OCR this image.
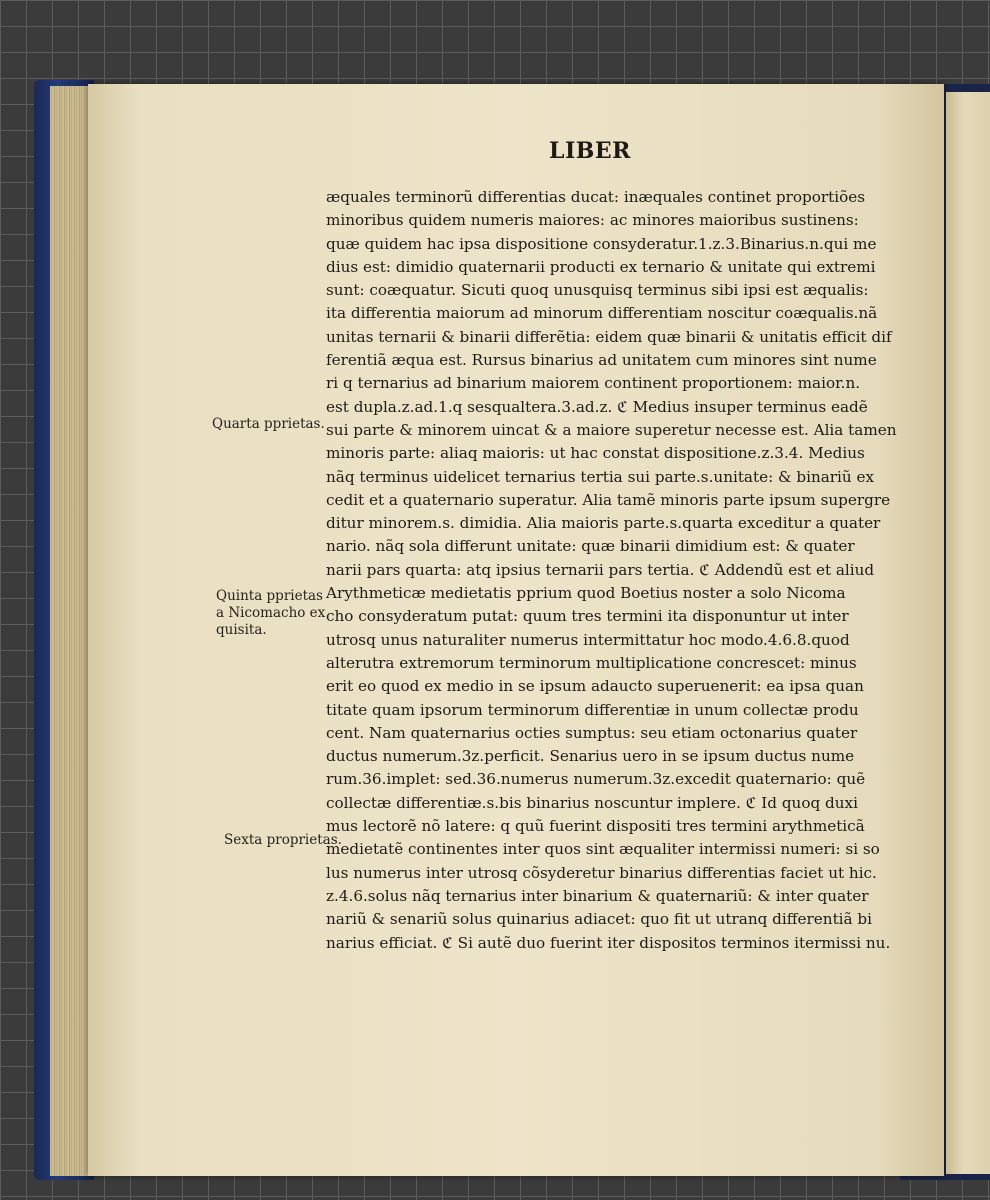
LIBER
Quarta pprietas.
Quinta pprietas
a Nicomacho ex
quisita.
Sexta proprietas.
æquales terminorũ differentias ducat: inæquales continet proportiões
minoribus quidem numeris maiores: ac minores maioribus sustinens:
quæ quidem hac ipsa dispositione consyderatur.1.z.3.Binarius.n.qui me
dius est: dimidio quaternarii producti ex ternario & unitate qui extremi
sunt: coæquatur. Sicuti quoq unusquisq terminus sibi ipsi est æqualis:
ita differentia maiorum ad minorum differentiam noscitur coæqualis.nã
unitas ternarii & binarii differẽtia: eidem quæ binarii & unitatis efficit dif
ferentiã æqua est. Rursus binarius ad unitatem cum minores sint nume
ri q ternarius ad binarium maiorem continent proportionem: maior.n.
est dupla.z.ad.1.q sesqualtera.3.ad.z. ℭ Medius insuper terminus eadẽ
sui parte & minorem uincat & a maiore superetur necesse est. Alia tamen
minoris parte: aliaq maioris: ut hac constat dispositione.z.3.4. Medius
nãq terminus uidelicet ternarius tertia sui parte.s.unitate: & binariũ ex
cedit et a quaternario superatur. Alia tamẽ minoris parte ipsum supergre
ditur minorem.s. dimidia. Alia maioris parte.s.quarta exceditur a quater
nario. nãq sola differunt unitate: quæ binarii dimidium est: & quater
narii pars quarta: atq ipsius ternarii pars tertia. ℭ Addendũ est et aliud
Arythmeticæ medietatis pprium quod Boetius noster a solo Nicoma
cho consyderatum putat: quum tres termini ita disponuntur ut inter
utrosq unus naturaliter numerus intermittatur hoc modo.4.6.8.quod
alterutra extremorum terminorum multiplicatione concrescet: minus
erit eo quod ex medio in se ipsum adaucto superuenerit: ea ipsa quan
titate quam ipsorum terminorum differentiæ in unum collectæ produ
cent. Nam quaternarius octies sumptus: seu etiam octonarius quater
ductus numerum.3z.perficit. Senarius uero in se ipsum ductus nume
rum.36.implet: sed.36.numerus numerum.3z.excedit quaternario: quẽ
collectæ differentiæ.s.bis binarius noscuntur implere. ℭ Id quoq duxi
mus lectorẽ nõ latere: q quũ fuerint dispositi tres termini arythmeticã
medietatẽ continentes inter quos sint æqualiter intermissi numeri: si so
lus numerus inter utrosq cõsyderetur binarius differentias faciet ut hic.
z.4.6.solus nãq ternarius inter binarium & quaternariũ: & inter quater
nariũ & senariũ solus quinarius adiacet: quo fit ut utranq differentiã bi
narius efficiat. ℭ Si autẽ duo fuerint iter dispositos terminos itermissi nu.
